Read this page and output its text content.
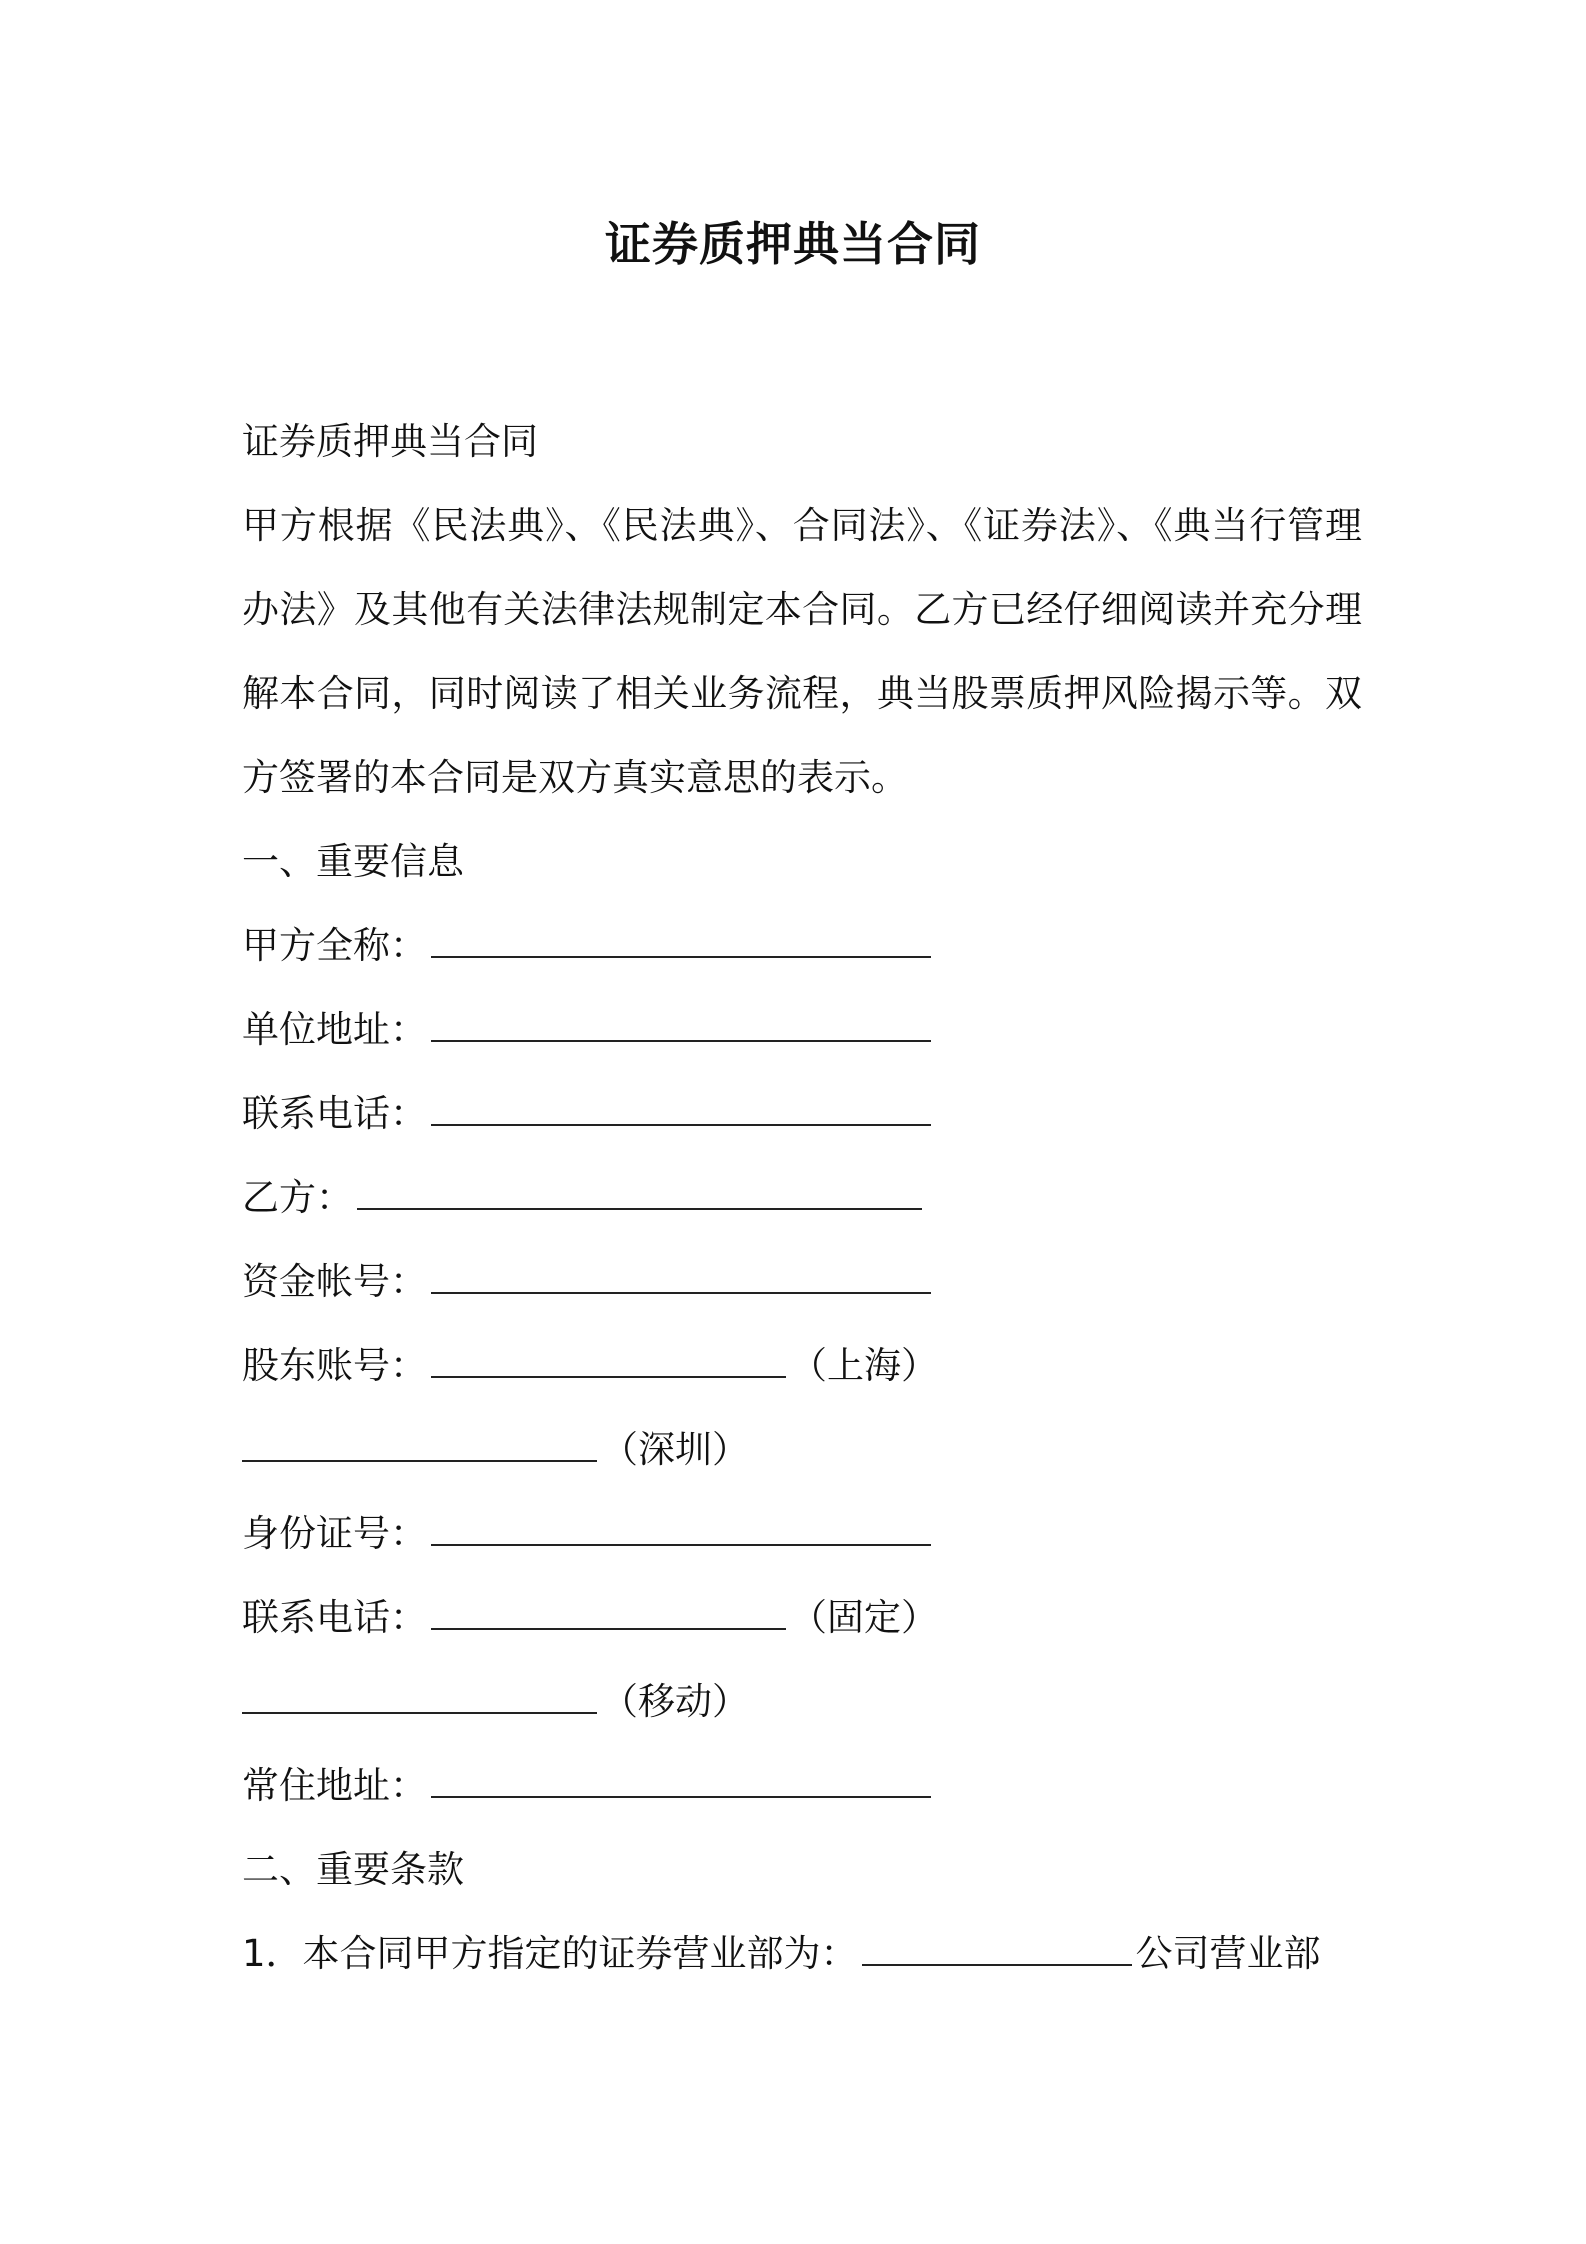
证券质押典当合同
证券质押典当合同
甲方根据《民法典》、《民法典》、合同法》、《证券法》、《典当行管理办法》及其他有关法律法规制定本合同。乙方已经仔细阅读并充分理解本合同，同时阅读了相关业务流程，典当股票质押风险揭示等。双方签署的本合同是双方真实意思的表示。
一、重要信息
甲方全称：
单位地址：
联系电话：
乙方：
资金帐号：
股东账号：	（上海）
（深圳）
身份证号：
联系电话：	（固定）
（移动）
常住地址：
二、重要条款
1．本合同甲方指定的证券营业部为：	公司营业部
